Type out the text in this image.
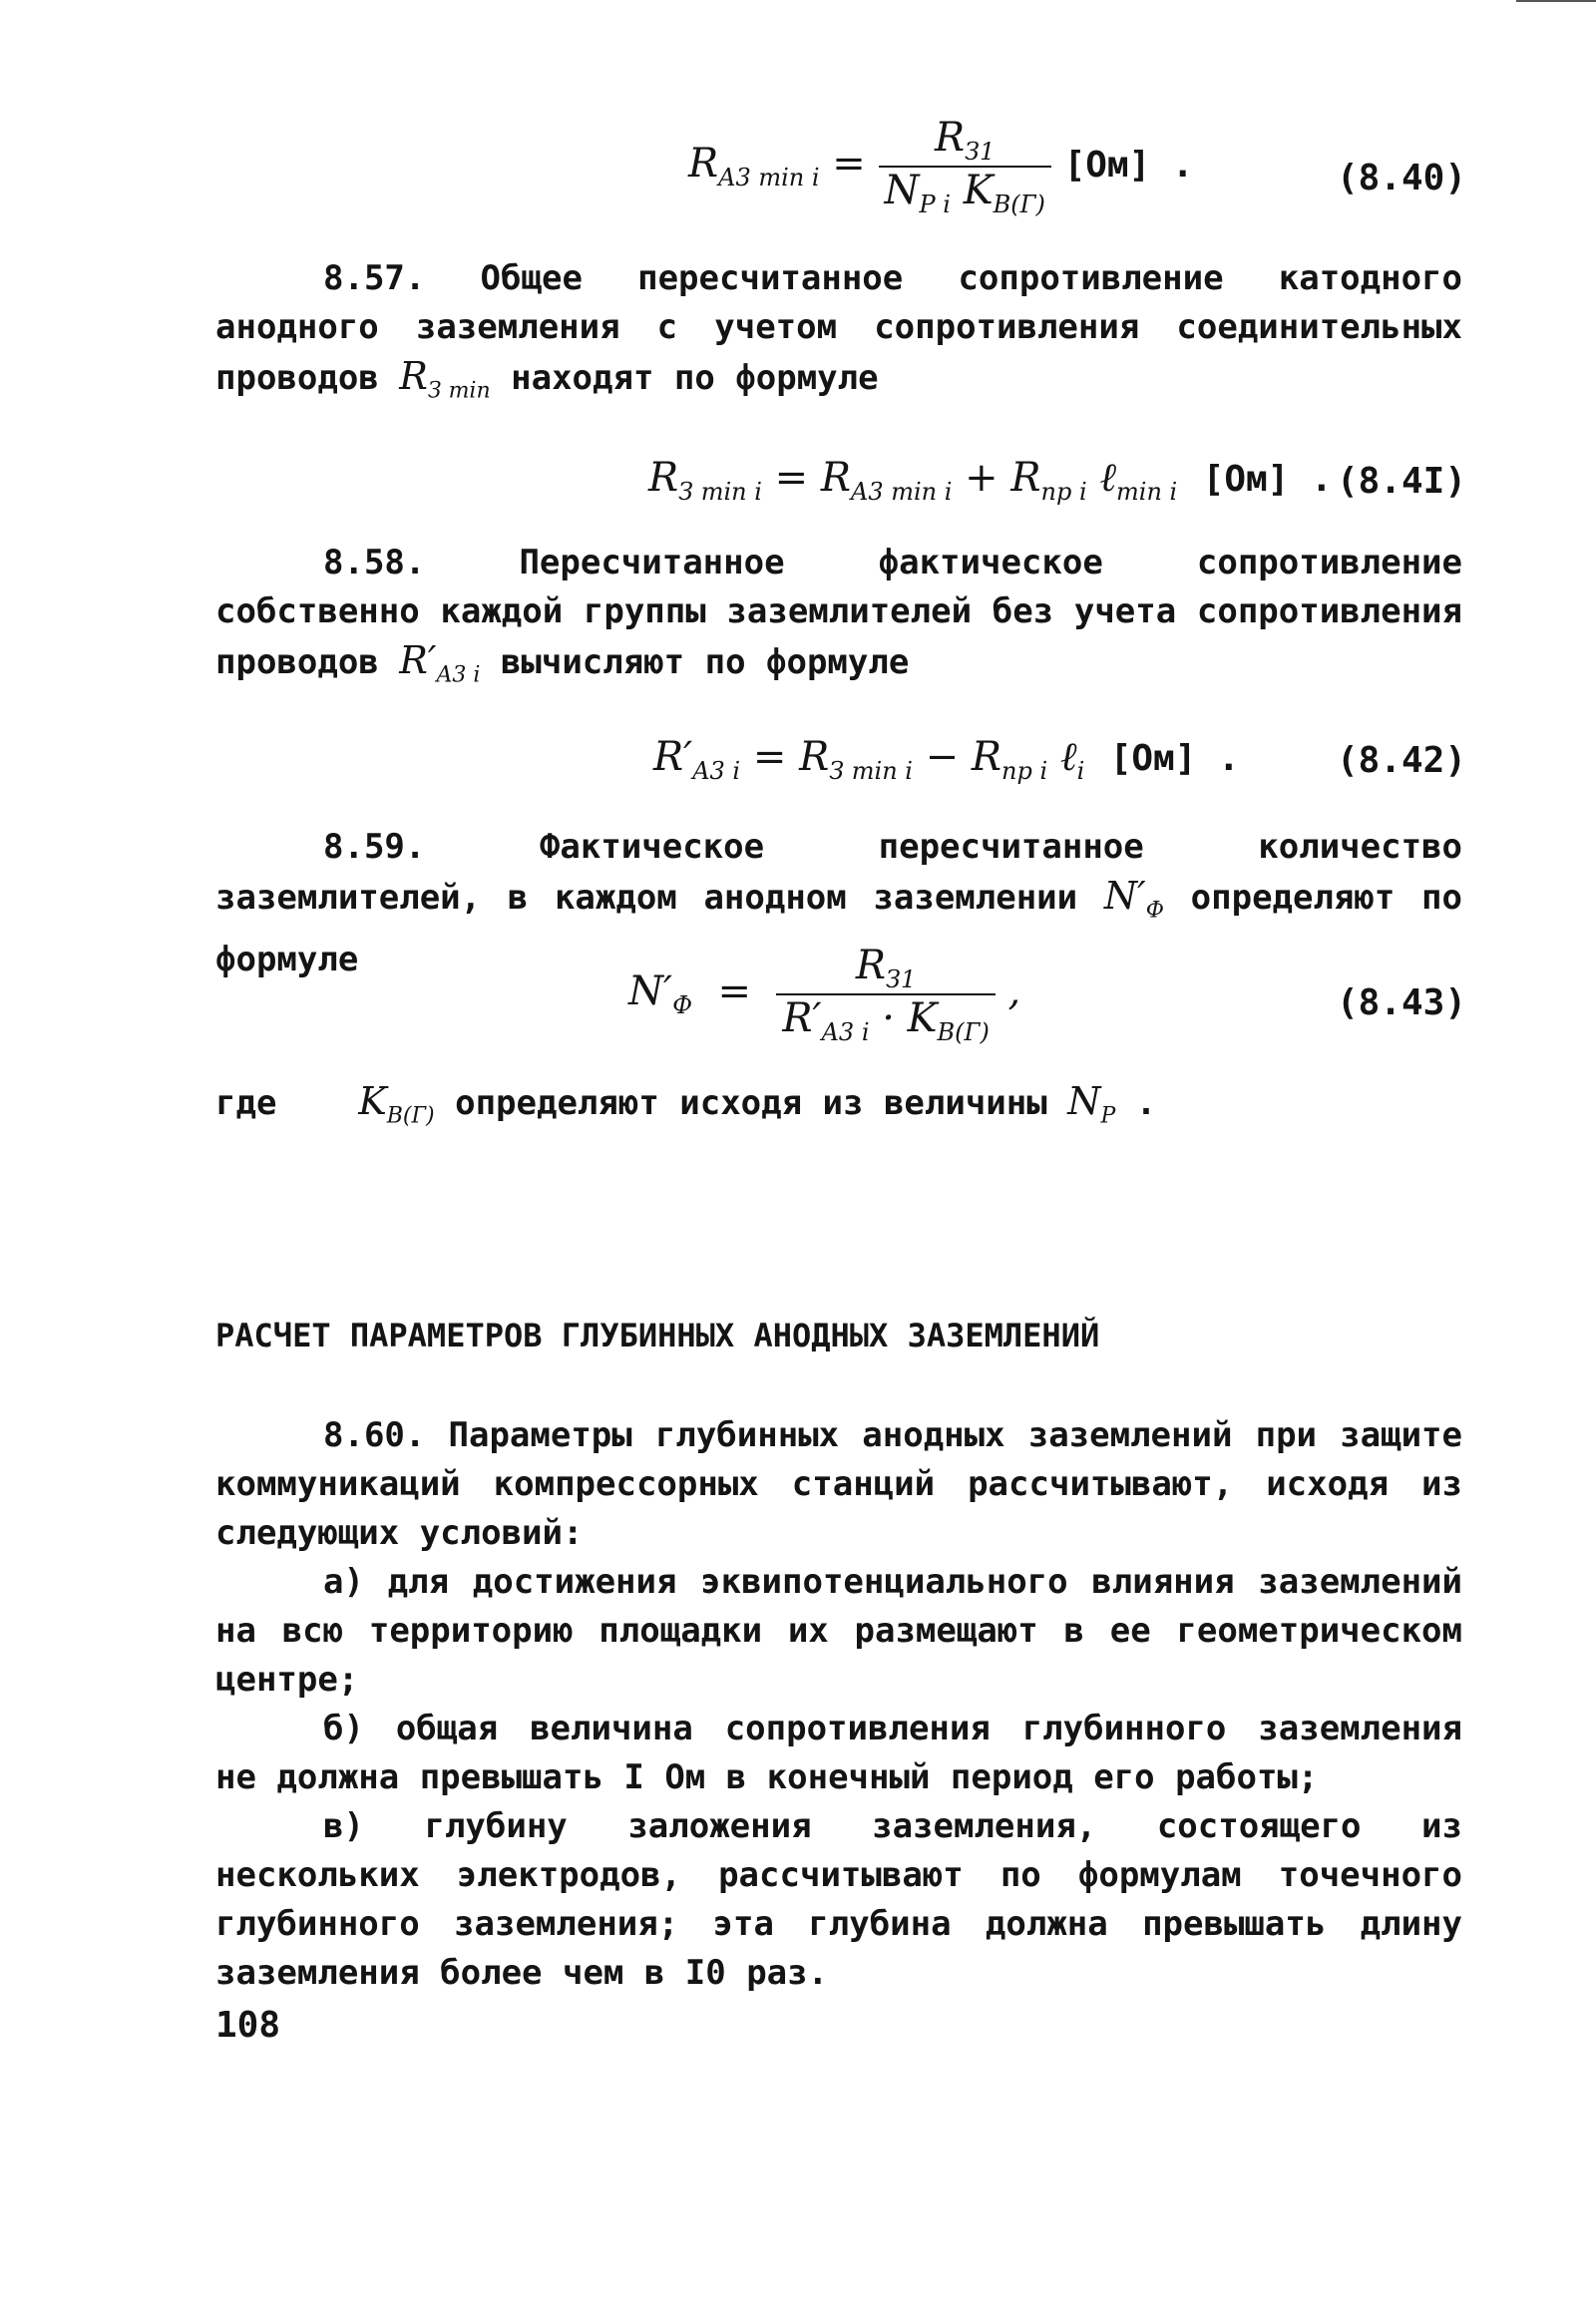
$R_{A3 min i} = \frac{R_{З1}}{N_{P i} K_{B(Г)}} [Ом]$ .	(8.40)

8.57. Общее пересчитанное сопротивление катодного анодного заземления с учетом сопротивления соединительных проводов $R_{З min}$ находят по формуле

$R_{З min i} = R_{A3 min i} + R_{пр i}$ ℓ$_{min i}$ [Ом] . (8.4I)

8.58. Пересчитанное фактическое сопротивление собственно каждой группы заземлителей без учета сопротивления проводов $R'_{A3 i}$ вычисляют по формуле

$R'_{A3 i} = R_{З min i} - R_{пр i}$ ℓ$_i$ [Ом] .	(8.42)

8.59. Фактическое пересчитанное количество заземлителей, в каждом анодном заземлении $N'_Ф$ определяют по формуле

$N'_Ф = \frac{R_{З1}}{R'_{A3 i} \cdot K_{B(Г)}}$ ,	(8.43)

где $K_{B(Г)}$ определяют исходя из величины $N_P$ .

РАСЧЕТ ПАРАМЕТРОВ ГЛУБИННЫХ АНОДНЫХ ЗАЗЕМЛЕНИЙ

8.60. Параметры глубинных анодных заземлений при защите коммуникаций компрессорных станций рассчитывают, исходя из следующих условий:

а) для достижения эквипотенциального влияния заземлений на всю территорию площадки их размещают в ее геометрическом центре;

б) общая величина сопротивления глубинного заземления не должна превышать I Ом в конечный период его работы;

в) глубину заложения заземления, состоящего из нескольких электродов, рассчитывают по формулам точечного глубинного заземления; эта глубина должна превышать длину заземления более чем в I0 раз.

108
